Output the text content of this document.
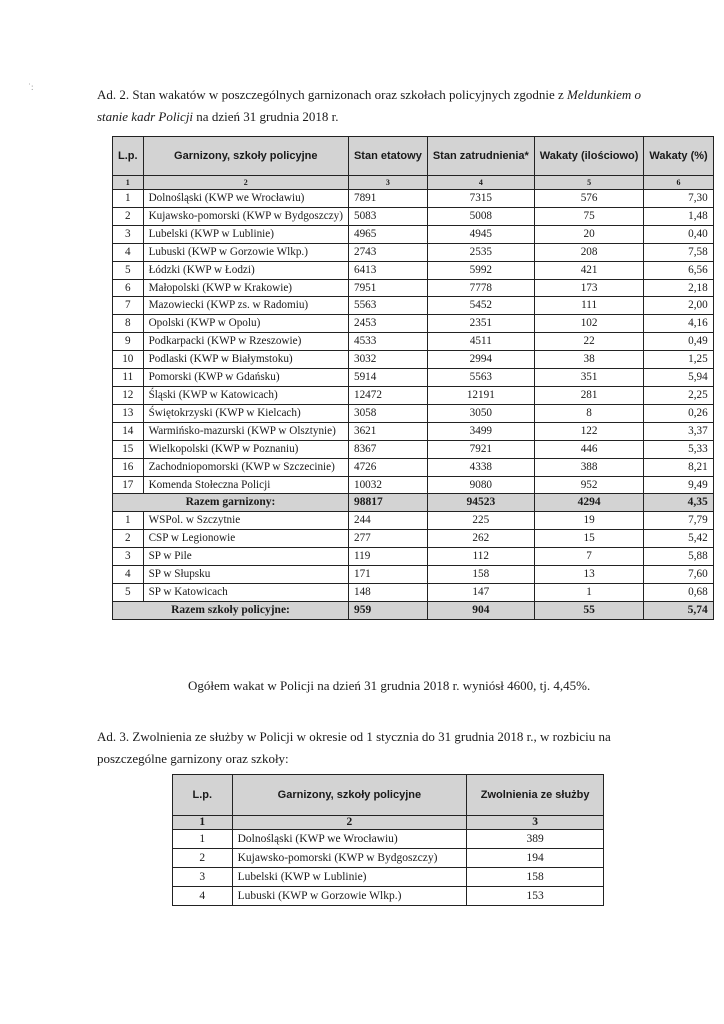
˙:	Ad. 2. Stan wakatów w poszczególnych garnizonach oraz szkołach policyjnych zgodnie z Meldunkiem o stanie kadr Policji na dzień 31 grudnia 2018 r.
L.p.	Garnizony, szkoły policyjne	Stan etatowy	Stan zatrudnienia*	Wakaty (ilościowo)	Wakaty (%)
1	2	3	4	5	6
1	Dolnośląski (KWP we Wrocławiu)	7891	7315	576	7,30
2	Kujawsko-pomorski (KWP w Bydgoszczy)	5083	5008	75	1,48
3	Lubelski (KWP w Lublinie)	4965	4945	20	0,40
4	Lubuski (KWP w Gorzowie Wlkp.)	2743	2535	208	7,58
5	Łódzki (KWP w Łodzi)	6413	5992	421	6,56
6	Małopolski (KWP w Krakowie)	7951	7778	173	2,18
7	Mazowiecki (KWP zs. w Radomiu)	5563	5452	111	2,00
8	Opolski (KWP w Opolu)	2453	2351	102	4,16
9	Podkarpacki (KWP w Rzeszowie)	4533	4511	22	0,49
10	Podlaski (KWP w Białymstoku)	3032	2994	38	1,25
11	Pomorski (KWP w Gdańsku)	5914	5563	351	5,94
12	Śląski (KWP w Katowicach)	12472	12191	281	2,25
13	Świętokrzyski (KWP w Kielcach)	3058	3050	8	0,26
14	Warmińsko-mazurski (KWP w Olsztynie)	3621	3499	122	3,37
15	Wielkopolski (KWP w Poznaniu)	8367	7921	446	5,33
16	Zachodniopomorski (KWP w Szczecinie)	4726	4338	388	8,21
17	Komenda Stołeczna Policji	10032	9080	952	9,49
Razem garnizony:		98817	94523	4294	4,35
1	WSPol. w Szczytnie	244	225	19	7,79
2	CSP w Legionowie	277	262	15	5,42
3	SP w Pile	119	112	7	5,88
4	SP w Słupsku	171	158	13	7,60
5	SP w Katowicach	148	147	1	0,68
Razem szkoły policyjne:		959	904	55	5,74
Ogółem wakat w Policji na dzień 31 grudnia 2018 r. wyniósł 4600, tj. 4,45%.
Ad. 3. Zwolnienia ze służby w Policji w okresie od 1 stycznia do 31 grudnia 2018 r., w rozbiciu na poszczególne garnizony oraz szkoły:
L.p.	Garnizony, szkoły policyjne	Zwolnienia ze służby
1	2	3
1	Dolnośląski (KWP we Wrocławiu)	389
2	Kujawsko-pomorski (KWP w Bydgoszczy)	194
3	Lubelski (KWP w Lublinie)	158
4	Lubuski (KWP w Gorzowie Wlkp.)	153
